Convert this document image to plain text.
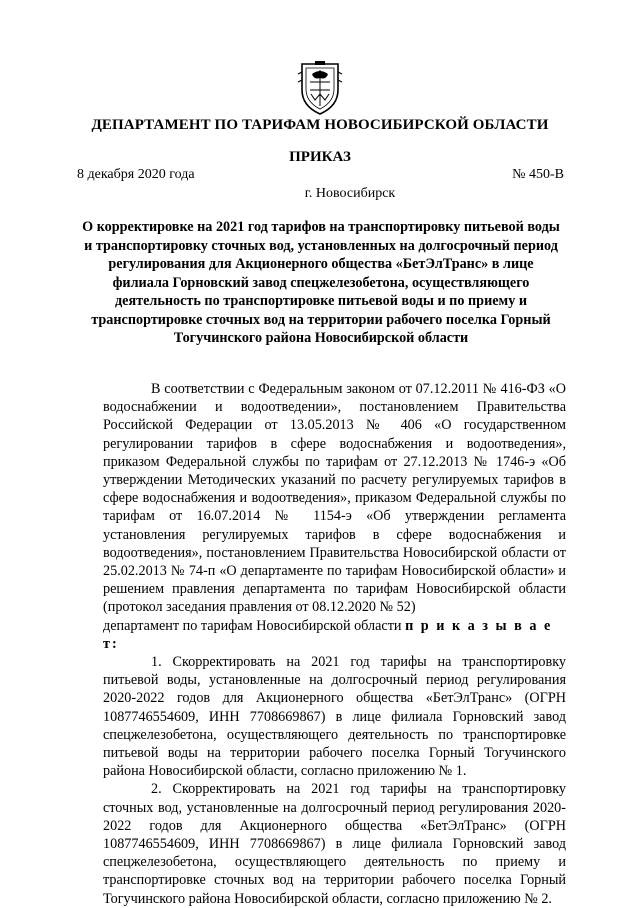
ДЕПАРТАМЕНТ ПО ТАРИФАМ НОВОСИБИРСКОЙ ОБЛАСТИ
ПРИКАЗ
8 декабря 2020 года	№ 450-В
г. Новосибирск
О корректировке на 2021 год тарифов на транспортировку питьевой воды и транспортировку сточных вод, установленных на долгосрочный период регулирования для Акционерного общества «БетЭлТранс» в лице филиала Горновский завод спецжелезобетона, осуществляющего деятельность по транспортировке питьевой воды и по приему и транспортировке сточных вод на территории рабочего поселка Горный Тогучинского района Новосибирской области

В соответствии с Федеральным законом от 07.12.2011 № 416-ФЗ «О водоснабжении и водоотведении», постановлением Правительства Российской Федерации от 13.05.2013 № 406 «О государственном регулировании тарифов в сфере водоснабжения и водоотведения», приказом Федеральной службы по тарифам от 27.12.2013 № 1746-э «Об утверждении Методических указаний по расчету регулируемых тарифов в сфере водоснабжения и водоотведения», приказом Федеральной службы по тарифам от 16.07.2014 № 1154-э «Об утверждении регламента установления регулируемых тарифов в сфере водоснабжения и водоотведения», постановлением Правительства Новосибирской области от 25.02.2013 № 74-п «О департаменте по тарифам Новосибирской области» и решением правления департамента по тарифам Новосибирской области (протокол заседания правления от 08.12.2020 № 52)

департамент по тарифам Новосибирской области п р и к а з ы в а е т:

1. Скорректировать на 2021 год тарифы на транспортировку питьевой воды, установленные на долгосрочный период регулирования 2020-2022 годов для Акционерного общества «БетЭлТранс» (ОГРН 1087746554609, ИНН 7708669867) в лице филиала Горновский завод спецжелезобетона, осуществляющего деятельность по транспортировке питьевой воды на территории рабочего поселка Горный Тогучинского района Новосибирской области, согласно приложению № 1.

2. Скорректировать на 2021 год тарифы на транспортировку сточных вод, установленные на долгосрочный период регулирования 2020-2022 годов для Акционерного общества «БетЭлТранс» (ОГРН 1087746554609, ИНН 7708669867) в лице филиала Горновский завод спецжелезобетона, осуществляющего деятельность по приему и транспортировке сточных вод на территории рабочего поселка Горный Тогучинского района Новосибирской области, согласно приложению № 2.
